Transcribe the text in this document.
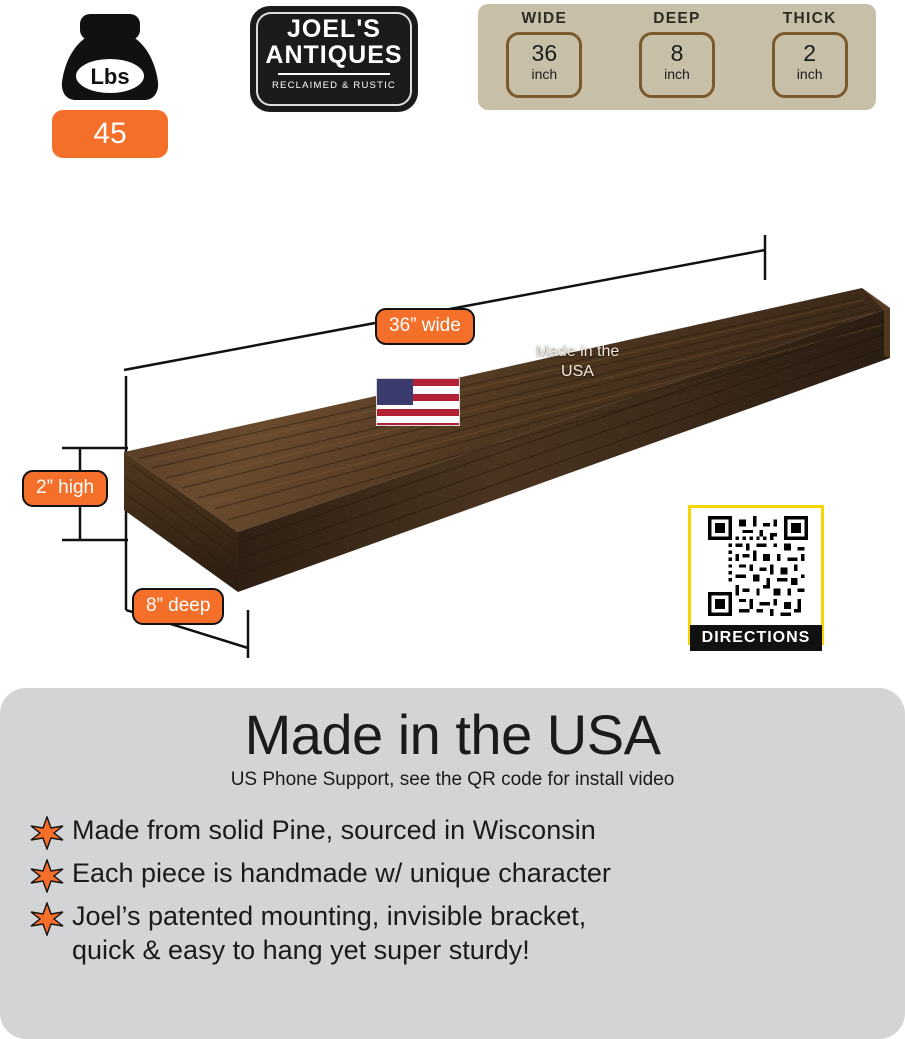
Lbs
45
JOEL'S
ANTIQUES
RECLAIMED & RUSTIC
WIDE
36
inch
DEEP
8
inch
THICK
2
inch
Made in the
USA
36” wide
2” high
8” deep
DIRECTIONS
Made in the USA
US Phone Support, see the QR code for install video
Made from solid Pine, sourced in Wisconsin
Each piece is handmade w/ unique character
Joel’s patented mounting, invisible bracket,
quick & easy to hang yet super sturdy!
